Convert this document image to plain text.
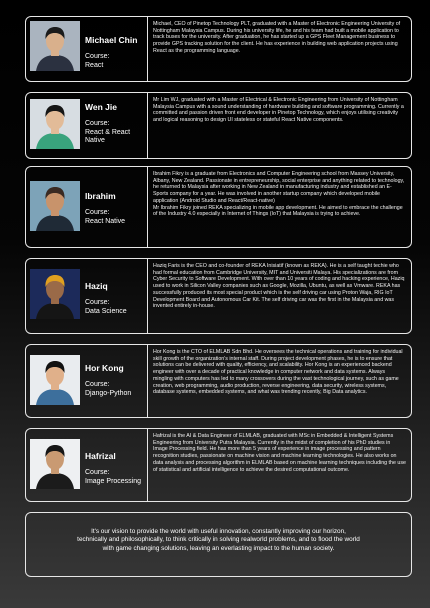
Michael Chin
Course:
React
Michael, CEO of Pinetop Technology PLT, graduated with a Master of Electronic Engineering University of Nottingham Malaysia Campus. During his university life, he and his team had built a mobile application to track buses for the university. After graduation, he has started up a GPS Fleet Management business to provide GPS tracking solution for the client. He has experience in building web application projects using React as the programming language.
Wen Jie
Course:
React & React Native
Mr Lim WJ, graduated with a Master of Electrical & Electronic Engineering from University of Nottingham Malaysia Campus with a sound understanding of hardware building and software programming. Currently a committed and passion driven front end developer in Pinetop Technology, which enjoys utilising creativity and logical reasoning to design UI stateless or stateful React Native components.
Ibrahim
Course:
React Native
Ibrahim Fikry is a graduate from Electronics and Computer Engineering school from Massey University, Albany, New Zealand. Passionate in entrepreneurship, social enterprise and anything related to technology, he returned to Malaysia after working in New Zealand in manufacturing industry and established an E-Sports company for a year. He was involved in another startup company which developed mobile application (Android Studio and React/React-native)
Mr Ibrahim Fikry joined REKA specializing in mobile app development. He aimed to embrace the challenge of the Industry 4.0 especially in Internet of Things (IoT) that Malaysia is trying to achieve.
Haziq
Course:
Data Science
Haziq Faris is the CEO and co-founder of REKA Inisiatif (known as REKA). He is a self taught techie who had formal education from Cambridge University, MIT and Universiti Malaya. His specializations are from Cyber Security to Software Development. With over than 10 years of coding and hacking experience, Haziq used to work in Silicon Valley companies such as Google, Mozilla, Ubuntu, as well as Vmware. REKA has successfully produced its most special product which is the self driving car using Proton Waja, RIG IoT Development Board and Autonomous Car Kit. The self driving car was the first in the Malaysia and was invented entirely in-house.
Hor Kong
Course:
Django-Python
Hor Kong is the CTO of ELMLAB Sdn Bhd. He oversees the technical operations and training for individual skill growth of the organization's internal staff. During project development phases, he is to ensure that solutions can be delivered with quality, efficiency, and scalability. Hor Kong is an experienced backend engineer with over a decade of practical knowledge in computer network and data systems. Always mingling with computers has led to many crossovers during the vast technological journey, such as game creation, web programming, audio production, reverse engineering, data security, wireless systems, database systems, embedded systems, and what was trending recently, Big Data analytics.
Hafrizal
Course:
Image Processing
Hafrizal is the AI & Data Engineer of ELMLAB, graduated with MSc in Embedded & Intelligent Systems Engineering from University Putra Malaysia. Currently in the midst of completion of his PhD studies in Image Processing field. He has more than 5 years of experience in image processing and pattern recognition studies, passionate on machine vision and machine learning technologies. He also works on data analysis and processing algorithm in ELMLAB based on machine learning techniques including the use of statistical and artificial intelligence to achieve the desired computational outcome.
It's our vision to provide the world with useful innovation, constantly improving our horizon, technically and philosophically, to think critically in solving realworld problems, and to flood the world with game changing solutions, leaving an everlasting impact to the human society.
